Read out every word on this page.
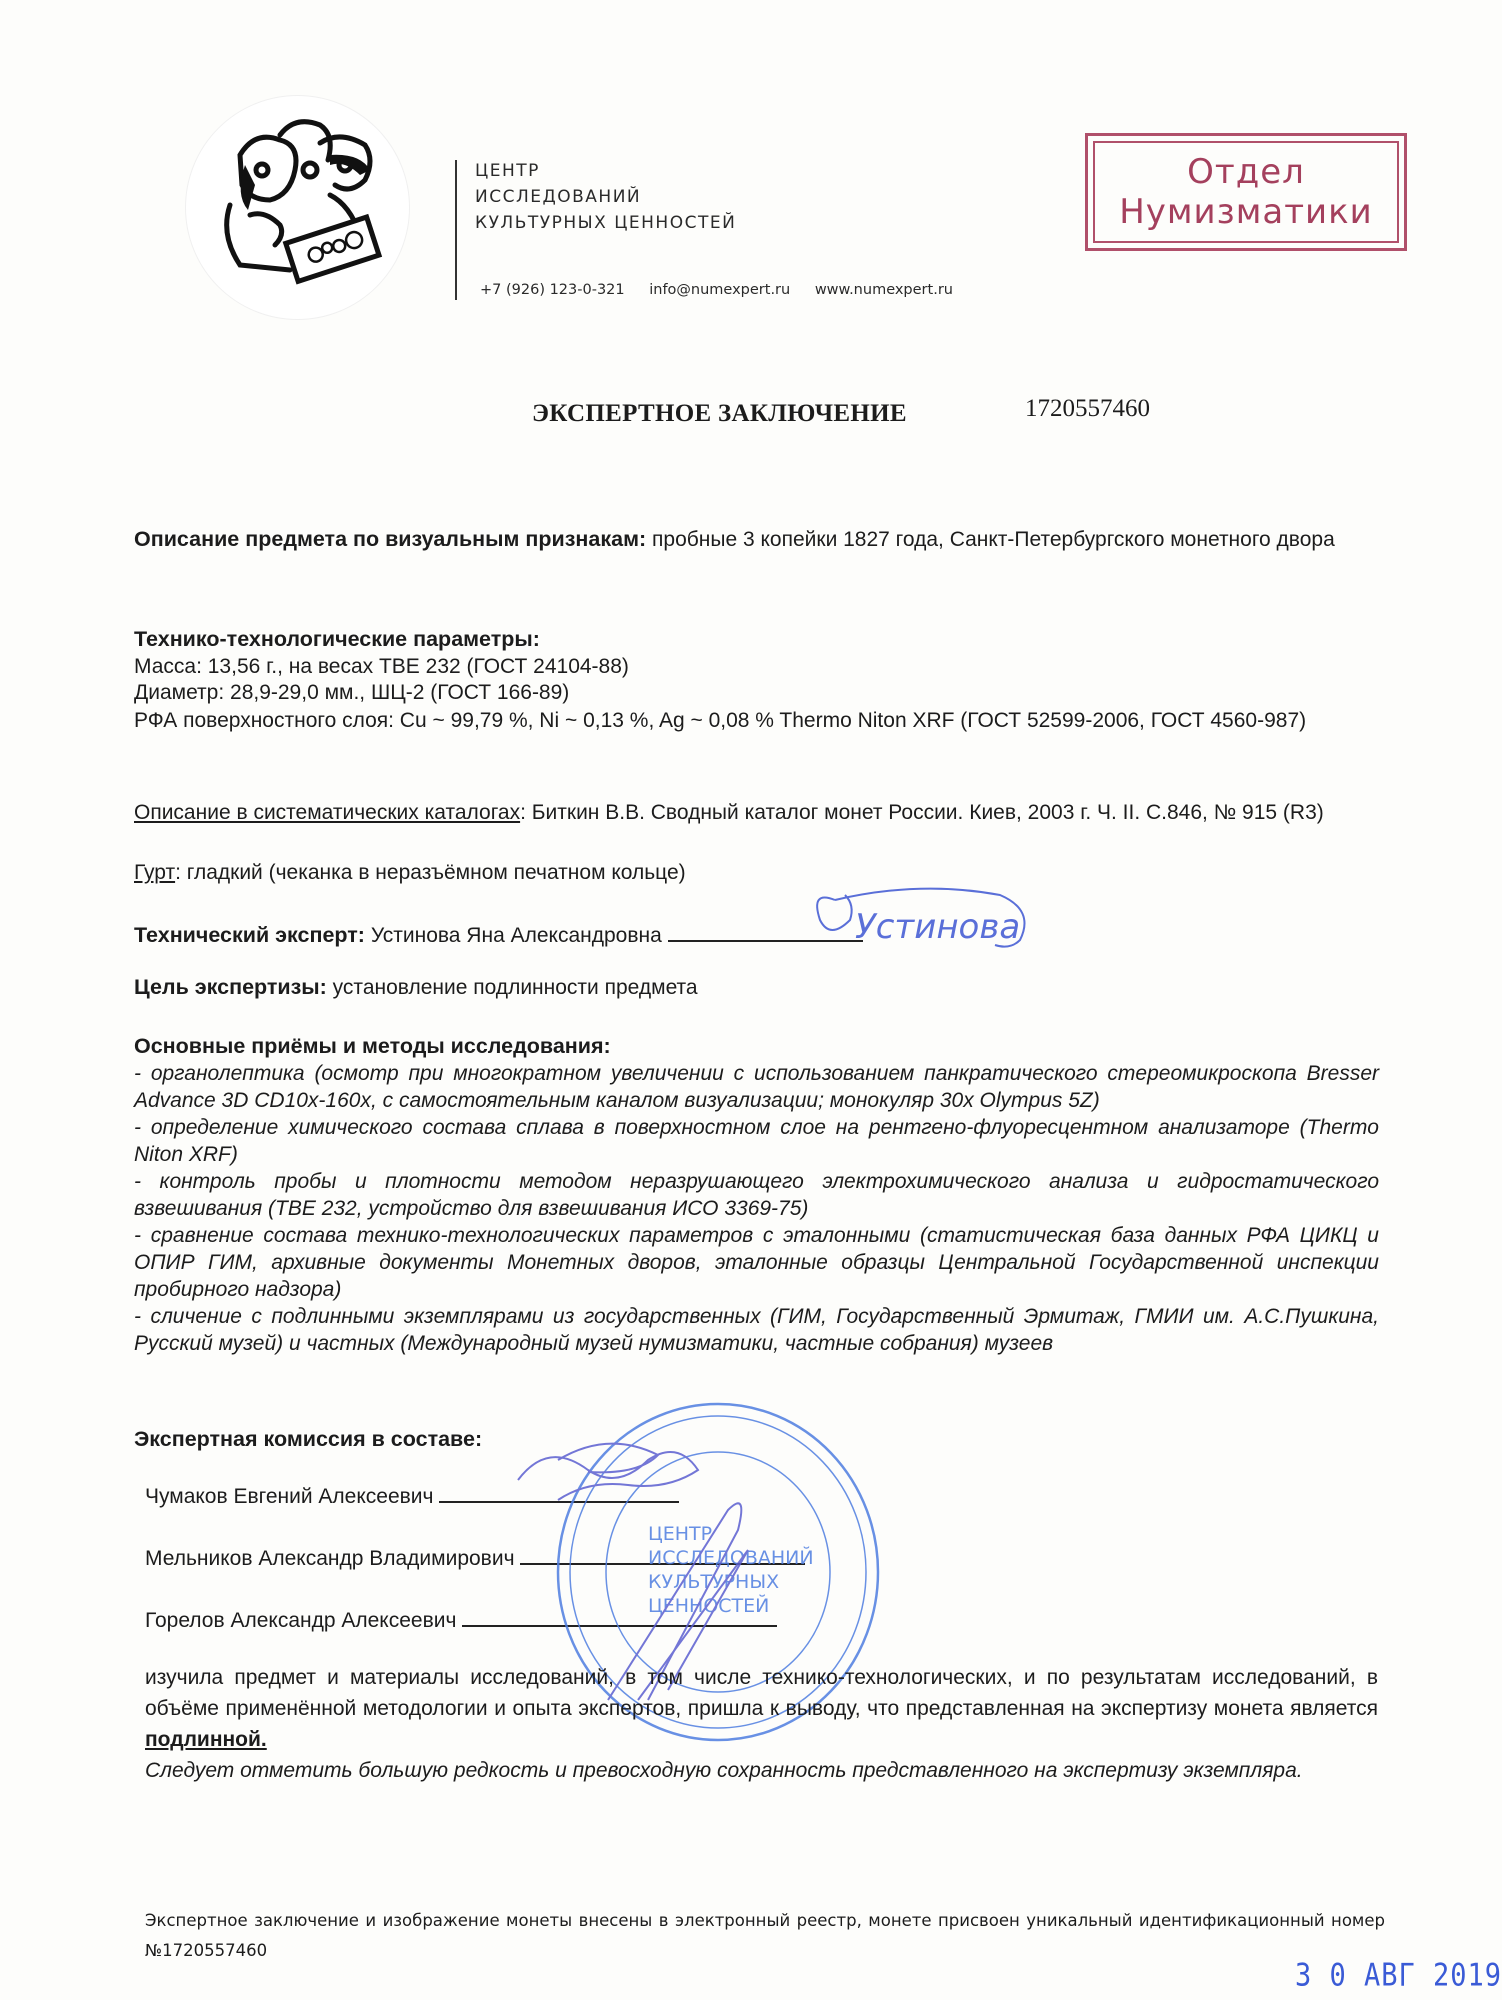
ЦЕНТР
ИССЛЕДОВАНИЙ
КУЛЬТУРНЫХ ЦЕННОСТЕЙ
+7 (926) 123-0-321 info@numexpert.ru www.numexpert.ru
Отдел
Нумизматики
ЭКСПЕРТНОЕ ЗАКЛЮЧЕНИЕ	1720557460
Описание предмета по визуальным признакам: пробные 3 копейки 1827 года, Санкт-Петербургского монетного двора
Технико-технологические параметры:
Масса: 13,56 г., на весах ТВЕ 232 (ГОСТ 24104-88)
Диаметр: 28,9-29,0 мм., ШЦ-2 (ГОСТ 166-89)
РФА поверхностного слоя: Cu ~ 99,79 %, Ni ~ 0,13 %, Ag ~ 0,08 % Thermo Niton XRF (ГОСТ 52599-2006, ГОСТ 4560-987)
Описание в систематических каталогах: Биткин В.В. Сводный каталог монет России. Киев, 2003 г. Ч. II. С.846, № 915 (R3)
Гурт: гладкий (чеканка в неразъёмном печатном кольце)
Технический эксперт: Устинова Яна Александровна	Устинова
Цель экспертизы: установление подлинности предмета
Основные приёмы и методы исследования:
- органолептика (осмотр при многократном увеличении с использованием панкратического стереомикроскопа Bresser Advance 3D CD10x-160x, с самостоятельным каналом визуализации; монокуляр 30x Olympus 5Z)
- определение химического состава сплава в поверхностном слое на рентгено-флуоресцентном анализаторе (Thermo Niton XRF)
- контроль пробы и плотности методом неразрушающего электрохимического анализа и гидростатического взвешивания (ТВЕ 232, устройство для взвешивания ИСО 3369-75)
- сравнение состава технико-технологических параметров с эталонными (статистическая база данных РФА ЦИКЦ и ОПИР ГИМ, архивные документы Монетных дворов, эталонные образцы Центральной Государственной инспекции пробирного надзора)
- сличение с подлинными экземплярами из государственных (ГИМ, Государственный Эрмитаж, ГМИИ им. А.С.Пушкина, Русский музей) и частных (Международный музей нумизматики, частные собрания) музеев
Экспертная комиссия в составе:
Чумаков Евгений Алексеевич
Мельников Александр Владимирович
Горелов Александр Алексеевич
ЦЕНТР
ИССЛЕДОВАНИЙ
КУЛЬТУРНЫХ
ЦЕННОСТЕЙ
изучила предмет и материалы исследований, в том числе технико-технологических, и по результатам исследований, в объёме применённой методологии и опыта экспертов, пришла к выводу, что представленная на экспертизу монета является подлинной.
Следует отметить большую редкость и превосходную сохранность представленного на экспертизу экземпляра.
Экспертное заключение и изображение монеты внесены в электронный реестр, монете присвоен уникальный идентификационный номер №1720557460
3 0 АВГ 2019
